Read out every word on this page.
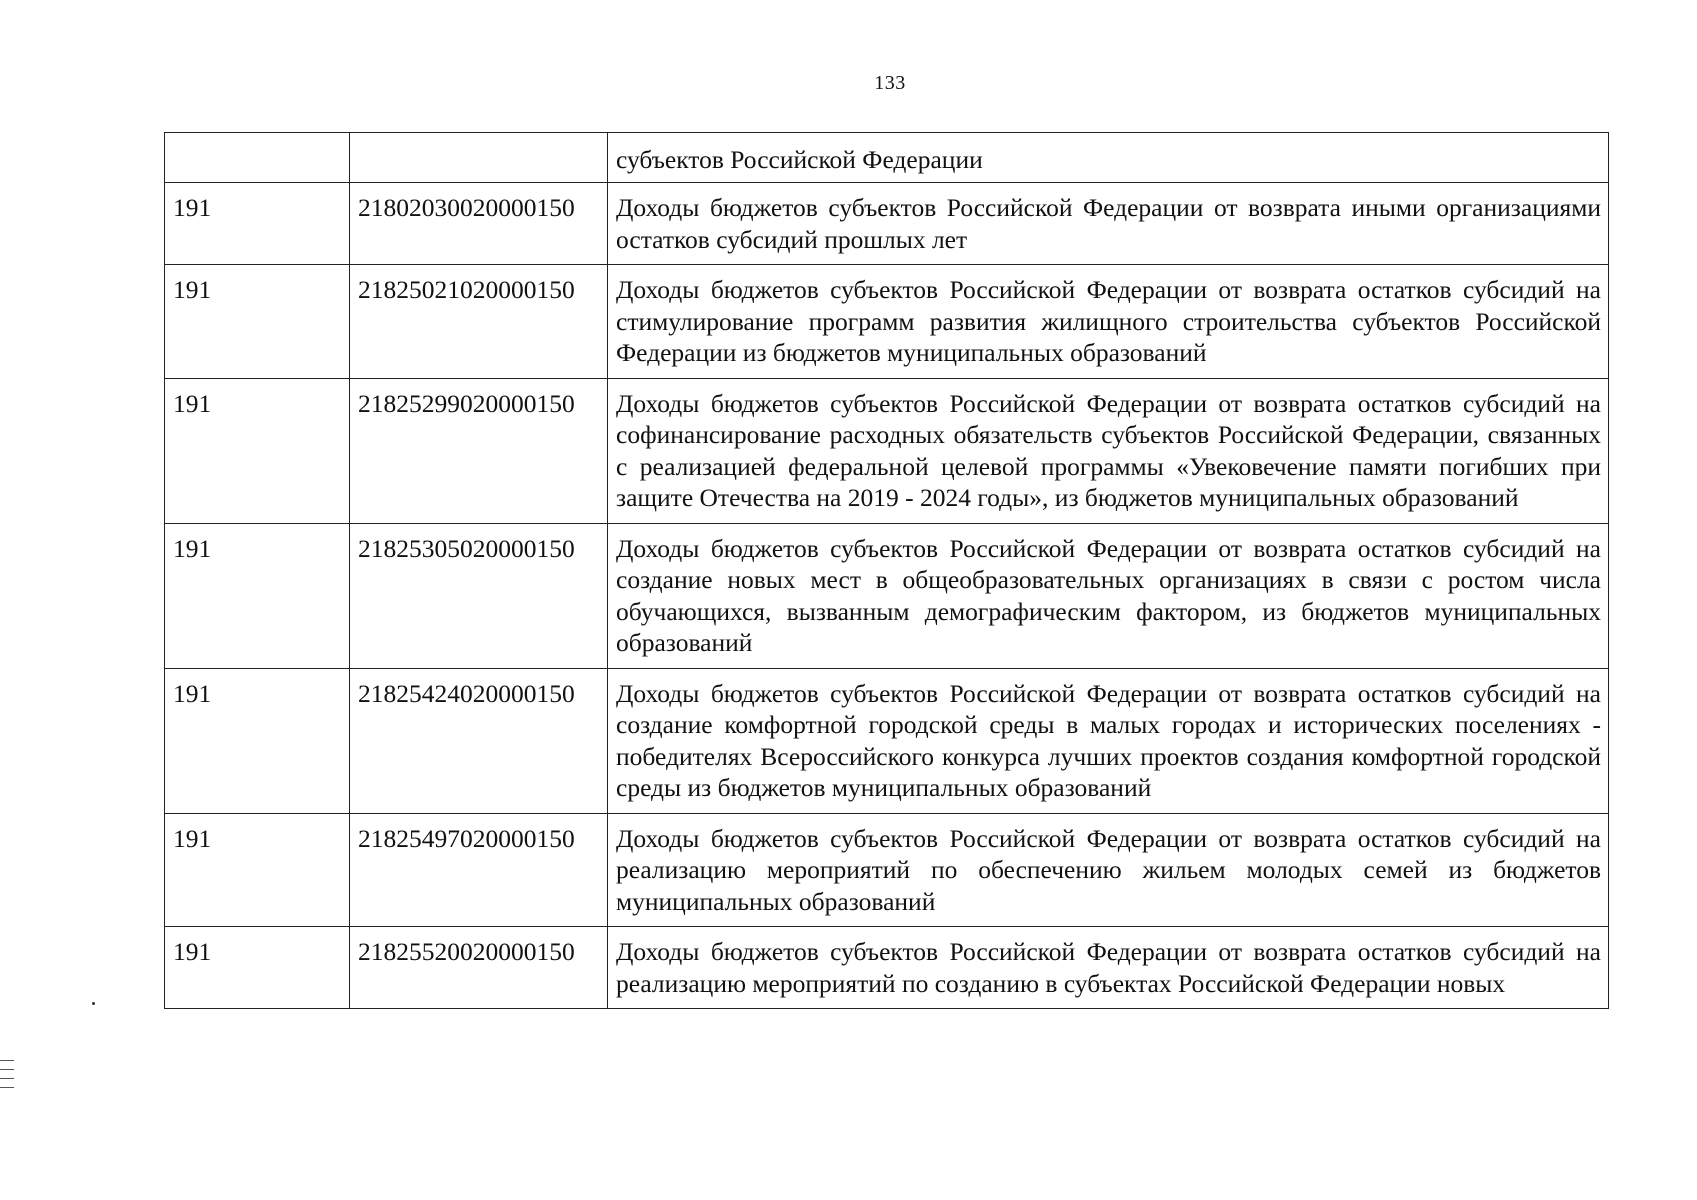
133
		субъектов Российской Федерации
191	21802030020000150	Доходы бюджетов субъектов Российской Федерации от возврата иными организациями остатков субсидий прошлых лет
191	21825021020000150	Доходы бюджетов субъектов Российской Федерации от возврата остатков субсидий на стимулирование программ развития жилищного строительства субъектов Российской Федерации из бюджетов муниципальных образований
191	21825299020000150	Доходы бюджетов субъектов Российской Федерации от возврата остатков субсидий на софинансирование расходных обязательств субъектов Российской Федерации, связанных с реализацией федеральной целевой программы «Увековечение памяти погибших при защите Отечества на 2019 - 2024 годы», из бюджетов муниципальных образований
191	21825305020000150	Доходы бюджетов субъектов Российской Федерации от возврата остатков субсидий на создание новых мест в общеобразовательных организациях в связи с ростом числа обучающихся, вызванным демографическим фактором, из бюджетов муниципальных образований
191	21825424020000150	Доходы бюджетов субъектов Российской Федерации от возврата остатков субсидий на создание комфортной городской среды в малых городах и исторических поселениях - победителях Всероссийского конкурса лучших проектов создания комфортной городской среды из бюджетов муниципальных образований
191	21825497020000150	Доходы бюджетов субъектов Российской Федерации от возврата остатков субсидий на реализацию мероприятий по обеспечению жильем молодых семей из бюджетов муниципальных образований
191	21825520020000150	Доходы бюджетов субъектов Российской Федерации от возврата остатков субсидий на реализацию мероприятий по созданию в субъектах Российской Федерации новых
